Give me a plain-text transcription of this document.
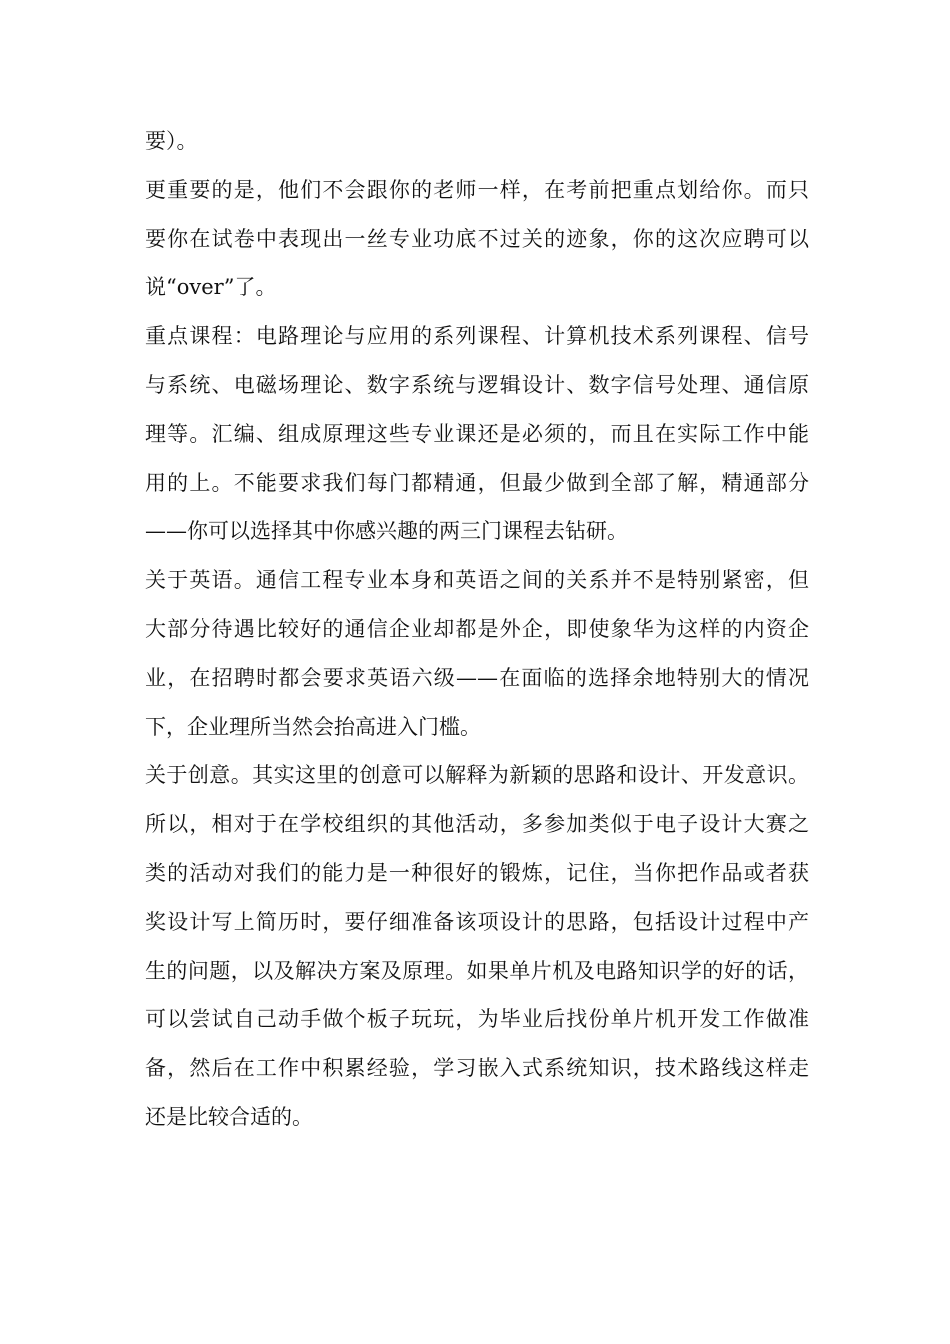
要）。
更重要的是，他们不会跟你的老师一样，在考前把重点划给你。而只
要你在试卷中表现出一丝专业功底不过关的迹象，你的这次应聘可以
说“over”了。
重点课程：电路理论与应用的系列课程、计算机技术系列课程、信号
与系统、电磁场理论、数字系统与逻辑设计、数字信号处理、通信原
理等。汇编、组成原理这些专业课还是必须的，而且在实际工作中能
用的上。不能要求我们每门都精通，但最少做到全部了解，精通部分
——你可以选择其中你感兴趣的两三门课程去钻研。
关于英语。通信工程专业本身和英语之间的关系并不是特别紧密，但
大部分待遇比较好的通信企业却都是外企，即使象华为这样的内资企
业，在招聘时都会要求英语六级——在面临的选择余地特别大的情况
下，企业理所当然会抬高进入门槛。
关于创意。其实这里的创意可以解释为新颖的思路和设计、开发意识。
所以，相对于在学校组织的其他活动，多参加类似于电子设计大赛之
类的活动对我们的能力是一种很好的锻炼，记住，当你把作品或者获
奖设计写上简历时，要仔细准备该项设计的思路，包括设计过程中产
生的问题，以及解决方案及原理。如果单片机及电路知识学的好的话，
可以尝试自己动手做个板子玩玩，为毕业后找份单片机开发工作做准
备，然后在工作中积累经验，学习嵌入式系统知识，技术路线这样走
还是比较合适的。
